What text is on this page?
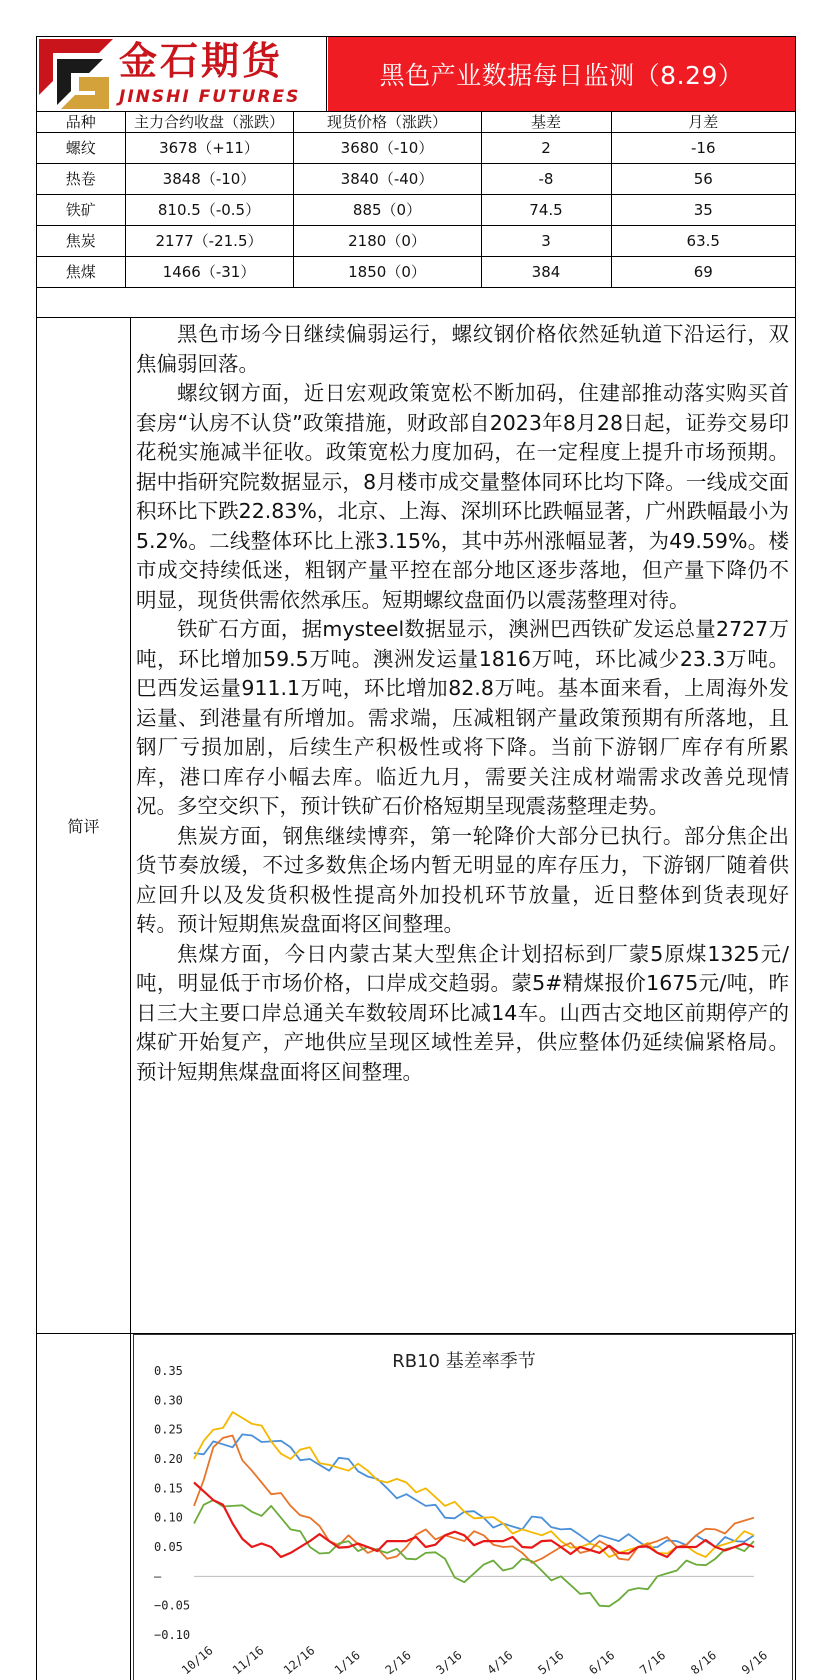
金石期货
JINSHI FUTURES
黑色产业数据每日监测（8.29）
品种	主力合约收盘（涨跌）	现货价格（涨跌）	基差	月差
螺纹	3678（+11）	3680（-10）	2	-16
热卷	3848（-10）	3840（-40）	-8	56
铁矿	810.5（-0.5）	885（0）	74.5	35
焦炭	2177（-21.5）	2180（0）	3	63.5
焦煤	1466（-31）	1850（0）	384	69
简评

黑色市场今日继续偏弱运行，螺纹钢价格依然延轨道下沿运行，双焦偏弱回落。

螺纹钢方面，近日宏观政策宽松不断加码，住建部推动落实购买首套房“认房不认贷”政策措施，财政部自2023年8月28日起，证券交易印花税实施减半征收。政策宽松力度加码，在一定程度上提升市场预期。据中指研究院数据显示，8月楼市成交量整体同环比均下降。一线成交面积环比下跌22.83%，北京、上海、深圳环比跌幅显著，广州跌幅最小为5.2%。二线整体环比上涨3.15%，其中苏州涨幅显著，为49.59%。楼市成交持续低迷，粗钢产量平控在部分地区逐步落地，但产量下降仍不明显，现货供需依然承压。短期螺纹盘面仍以震荡整理对待。

铁矿石方面，据mysteel数据显示，澳洲巴西铁矿发运总量2727万吨，环比增加59.5万吨。澳洲发运量1816万吨，环比减少23.3万吨。巴西发运量911.1万吨，环比增加82.8万吨。基本面来看，上周海外发运量、到港量有所增加。需求端，压减粗钢产量政策预期有所落地，且钢厂亏损加剧，后续生产积极性或将下降。当前下游钢厂库存有所累库，港口库存小幅去库。临近九月，需要关注成材端需求改善兑现情况。多空交织下，预计铁矿石价格短期呈现震荡整理走势。

焦炭方面，钢焦继续博弈，第一轮降价大部分已执行。部分焦企出货节奏放缓，不过多数焦企场内暂无明显的库存压力，下游钢厂随着供应回升以及发货积极性提高外加投机环节放量，近日整体到货表现好转。预计短期焦炭盘面将区间整理。

焦煤方面，今日内蒙古某大型焦企计划招标到厂蒙5原煤1325元/吨，明显低于市场价格，口岸成交趋弱。蒙5#精煤报价1675元/吨，昨日三大主要口岸总通关车数较周环比减14车。山西古交地区前期停产的煤矿开始复产，产地供应呈现区域性差异，供应整体仍延续偏紧格局。预计短期焦煤盘面将区间整理。

RB10 基差率季节
0.35
0.30
0.25
0.20
0.15
0.10
0.05
–
−0.05
−0.10
10/16 11/16 12/16 1/16 2/16 3/16 4/16 5/16 6/16 7/16 8/16 9/16
